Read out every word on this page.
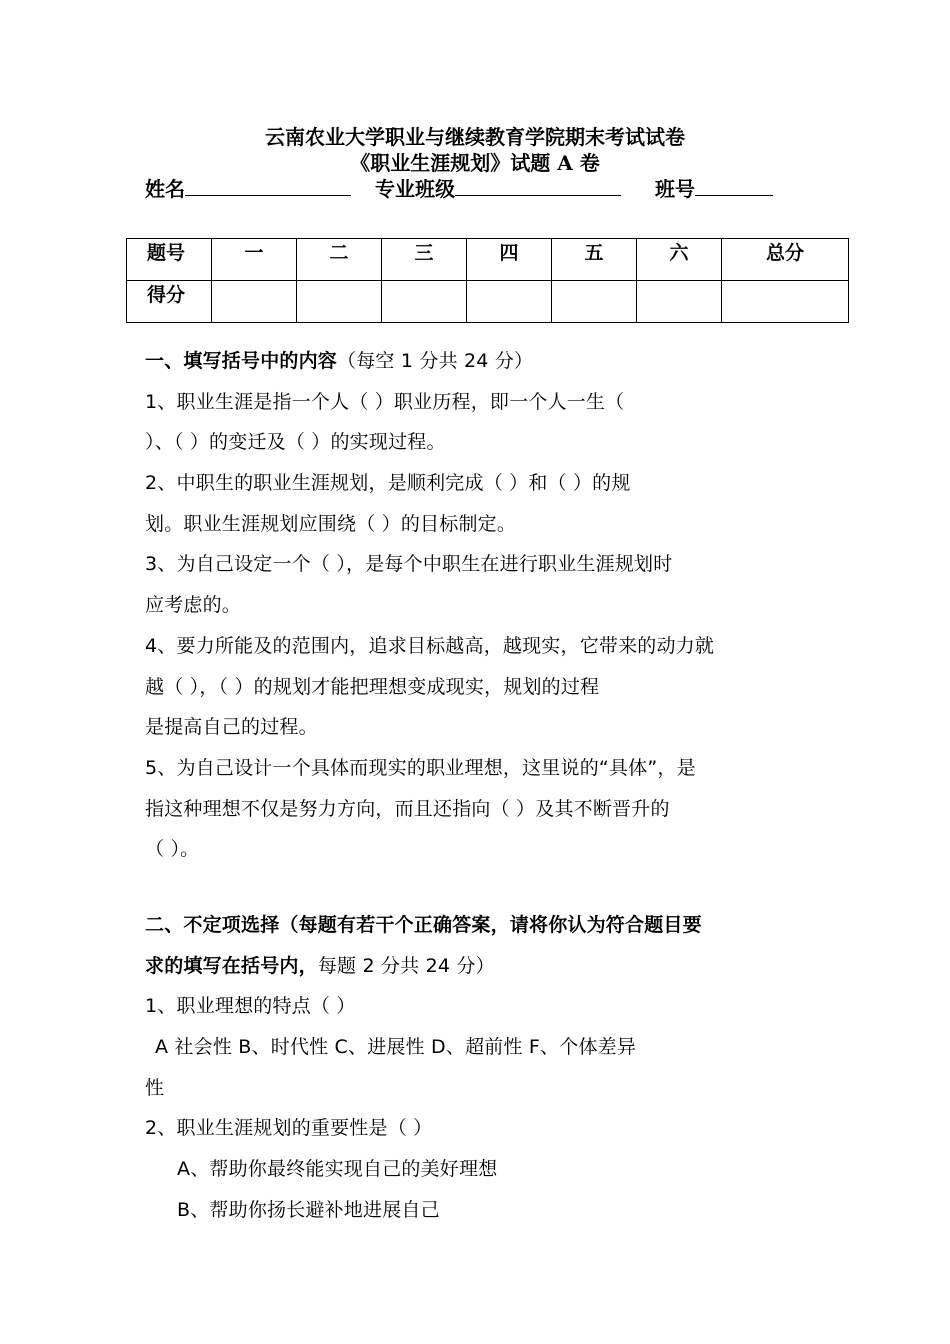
云南农业大学职业与继续教育学院期末考试试卷
《职业生涯规划》试题 A 卷
姓名	专业班级	班号
题号	一	二	三	四	五	六	总分
得分							
一、填写括号中的内容（每空 1 分共 24 分）
1、职业生涯是指一个人（ ）职业历程，即一个人一生（
）、（ ）的变迁及（ ）的实现过程。
2、中职生的职业生涯规划，是顺利完成（ ）和（ ）的规
划。职业生涯规划应围绕（ ）的目标制定。
3、为自己设定一个（ ），是每个中职生在进行职业生涯规划时
应考虑的。
4、要力所能及的范围内，追求目标越高，越现实，它带来的动力就
越（ ），（ ）的规划才能把理想变成现实，规划的过程
是提高自己的过程。
5、为自己设计一个具体而现实的职业理想，这里说的“具体”，是
指这种理想不仅是努力方向，而且还指向（ ）及其不断晋升的
（ ）。
二、不定项选择（每题有若干个正确答案，请将你认为符合题目要
求的填写在括号内，每题 2 分共 24 分）
1、职业理想的特点（ ）
A 社会性 B、时代性 C、进展性 D、超前性 F、个体差异
性
2、职业生涯规划的重要性是（ ）
A、帮助你最终能实现自己的美好理想
B、帮助你扬长避补地进展自己
